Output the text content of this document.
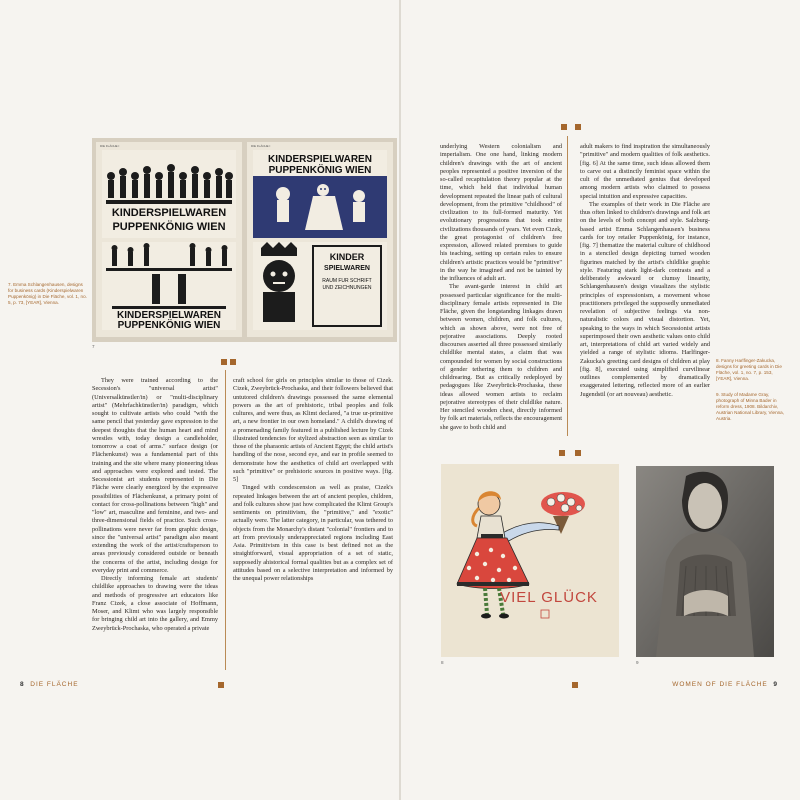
DIE FLÄCHE I
KINDERSPIELWAREN
PUPPENKÖNIG WIEN
KINDERSPIELWAREN
PUPPENKÖNIG WIEN
DIE FLÄCHE I
KINDERSPIELWAREN
PUPPENKÖNIG WIEN
KINDER
SPIELWAREN
RAUM FÜR SCHRIFT UND ZEICHNUNGEN
7
7. Emma Schlangenhausen, designs for business cards (Kinderspielwaren Puppenkönig) in Die Fläche, vol. 1, no. 5, p. 73, [YEAR], Vienna.

They were trained according to the Secession's "universal artist" (Universalkünstler/in) or "multi-disciplinary artist" (Mehrfachkünstler/in) paradigm, which sought to cultivate artists who could "with the same pencil that yesterday gave expression to the deepest thoughts that the human heart and mind wrestles with, today design a candleholder, tomorrow a coat of arms." surface design (or Flächenkunst) was a fundamental part of this training and the site where many pioneering ideas and approaches were explored and tested. The Secessionist art students represented in Die Fläche were clearly energized by the expressive possibilities of Flächenkunst, a primary point of contact for cross-pollinations between "high" and "low" art, masculine and feminine, and two- and three-dimensional fields of practice. Such cross-pollinations were never far from graphic design, since the "universal artist" paradigm also meant extending the work of the artist/craftsperson to areas previously considered outside or beneath the concerns of the artist, including design for everyday print and commerce.

Directly informing female art students' childlike approaches to drawing were the ideas and methods of progressive art educators like Franz Cizek, a close associate of Hoffmann, Moser, and Klimt who was largely responsible for bringing child art into the gallery, and Emmy Zweybrück-Prochaska, who operated a private

craft school for girls on principles similar to those of Cizek. Cizek, Zweybrück-Prochaska, and their followers believed that untutored children's drawings possessed the same elemental powers as the art of prehistoric, tribal peoples and folk cultures, and were thus, as Klimt declared, "a true ur-primitive art, a new frontier in our own homeland." A child's drawing of a promenading family featured in a published lecture by Cizek illustrated tendencies for stylized abstraction seen as similar to those of the pharaonic artists of Ancient Egypt; the child artist's handling of the nose, second eye, and ear in profile seemed to demonstrate how the aesthetics of child art overlapped with such "primitive" or prehistoric sources in positive ways. [fig. 5]

Tinged with condescension as well as praise, Cizek's repeated linkages between the art of ancient peoples, children, and folk cultures show just how complicated the Klimt Group's sentiments on primitivism, the "primitive," and "exotic" actually were. The latter category, in particular, was tethered to objects from the Monarchy's distant "colonial" frontiers and to art from previously underappreciated regions including East Asia. Primitivism in this case is best defined not as the straightforward, visual appropriation of a set of static, supposedly ahistorical formal qualities but as a complex set of attitudes based on a selective interpretation and informed by the unequal power relationships

underlying Western colonialism and imperialism. One one hand, linking modern children's drawings with the art of ancient peoples represented a positive inversion of the so-called recapitulation theory popular at the time, which held that individual human development repeated the linear path of cultural development, from the primitive "childhood" of civilization to its full-formed maturity. Yet evolutionary progressions that took entire civilizations thousands of years. Yet even Cizek, the great protagonist of children's free expression, allowed related premises to guide his teaching, setting up certain rules to ensure children's artistic practices would be "primitive" in the way he imagined and not be tainted by the influences of adult art.

The avant-garde interest in child art possessed particular significance for the multi-disciplinary female artists represented in Die Fläche, given the longstanding linkages drawn between women, children, and folk cultures, which as shown above, were not free of pejorative associations. Deeply rooted discourses asserted all three possessed similarly childlike mental states, a claim that was compounded for women by social constructions of gender tethering them to children and childrearing. But as critically redeployed by pedagogues like Zweybrück-Prochaska, these ideas allowed women artists to reclaim pejorative stereotypes of their childlike nature. Her stenciled wooden chest, directly informed by folk art materials, reflects the encouragement she gave to both child and

adult makers to find inspiration the simultaneously "primitive" and modern qualities of folk aesthetics. [fig. 6] At the same time, such ideas allowed them to carve out a distinctly feminist space within the cult of the unmediated genius that developed among modern artists who claimed to possess special intuition and expressive capacities.

The examples of their work in Die Fläche are thus often linked to children's drawings and folk art on the levels of both concept and style. Salzburg-based artist Emma Schlangenhausen's business cards for toy retailer Puppenkönig, for instance, [fig. 7] thematize the material culture of childhood in a stenciled design depicting turned wooden figurines matched by the artist's childlike graphic style. Featuring stark light-dark contrasts and a deliberately awkward or clumsy linearity, Schlangenhausen's design visualizes the stylistic principles of expressionism, a movement whose practitioners privileged the supposedly unmediated revelation of subjective feelings via non-naturalistic colors and visual distortion. Yet, speaking to the ways in which Secessionist artists superimposed their own aesthetic values onto child art, interpretations of child art varied widely and yielded a range of stylistic idioms. Harlfinger-Zakucka's greeting card designs of children at play [fig. 8], executed using simplified curvilinear outlines complemented by dramatically exaggerated lettering, reflected more of an earlier Jugendstil (or art nouveau) aesthetic.

8. Fanny Harlfinger-Zakucka, designs for greeting cards in Die Fläche, vol. 1, no. 7, p. 153, [YEAR], Vienna.
9. Study of Madame Gray, photograph of Minna Bader in reform dress, 1908. Bildarchiv, Austrian National Library, Vienna, Austria.
VIEL GLÜCK
8	9
8 DIE FLÄCHE	WOMEN OF DIE FLÄCHE 9
